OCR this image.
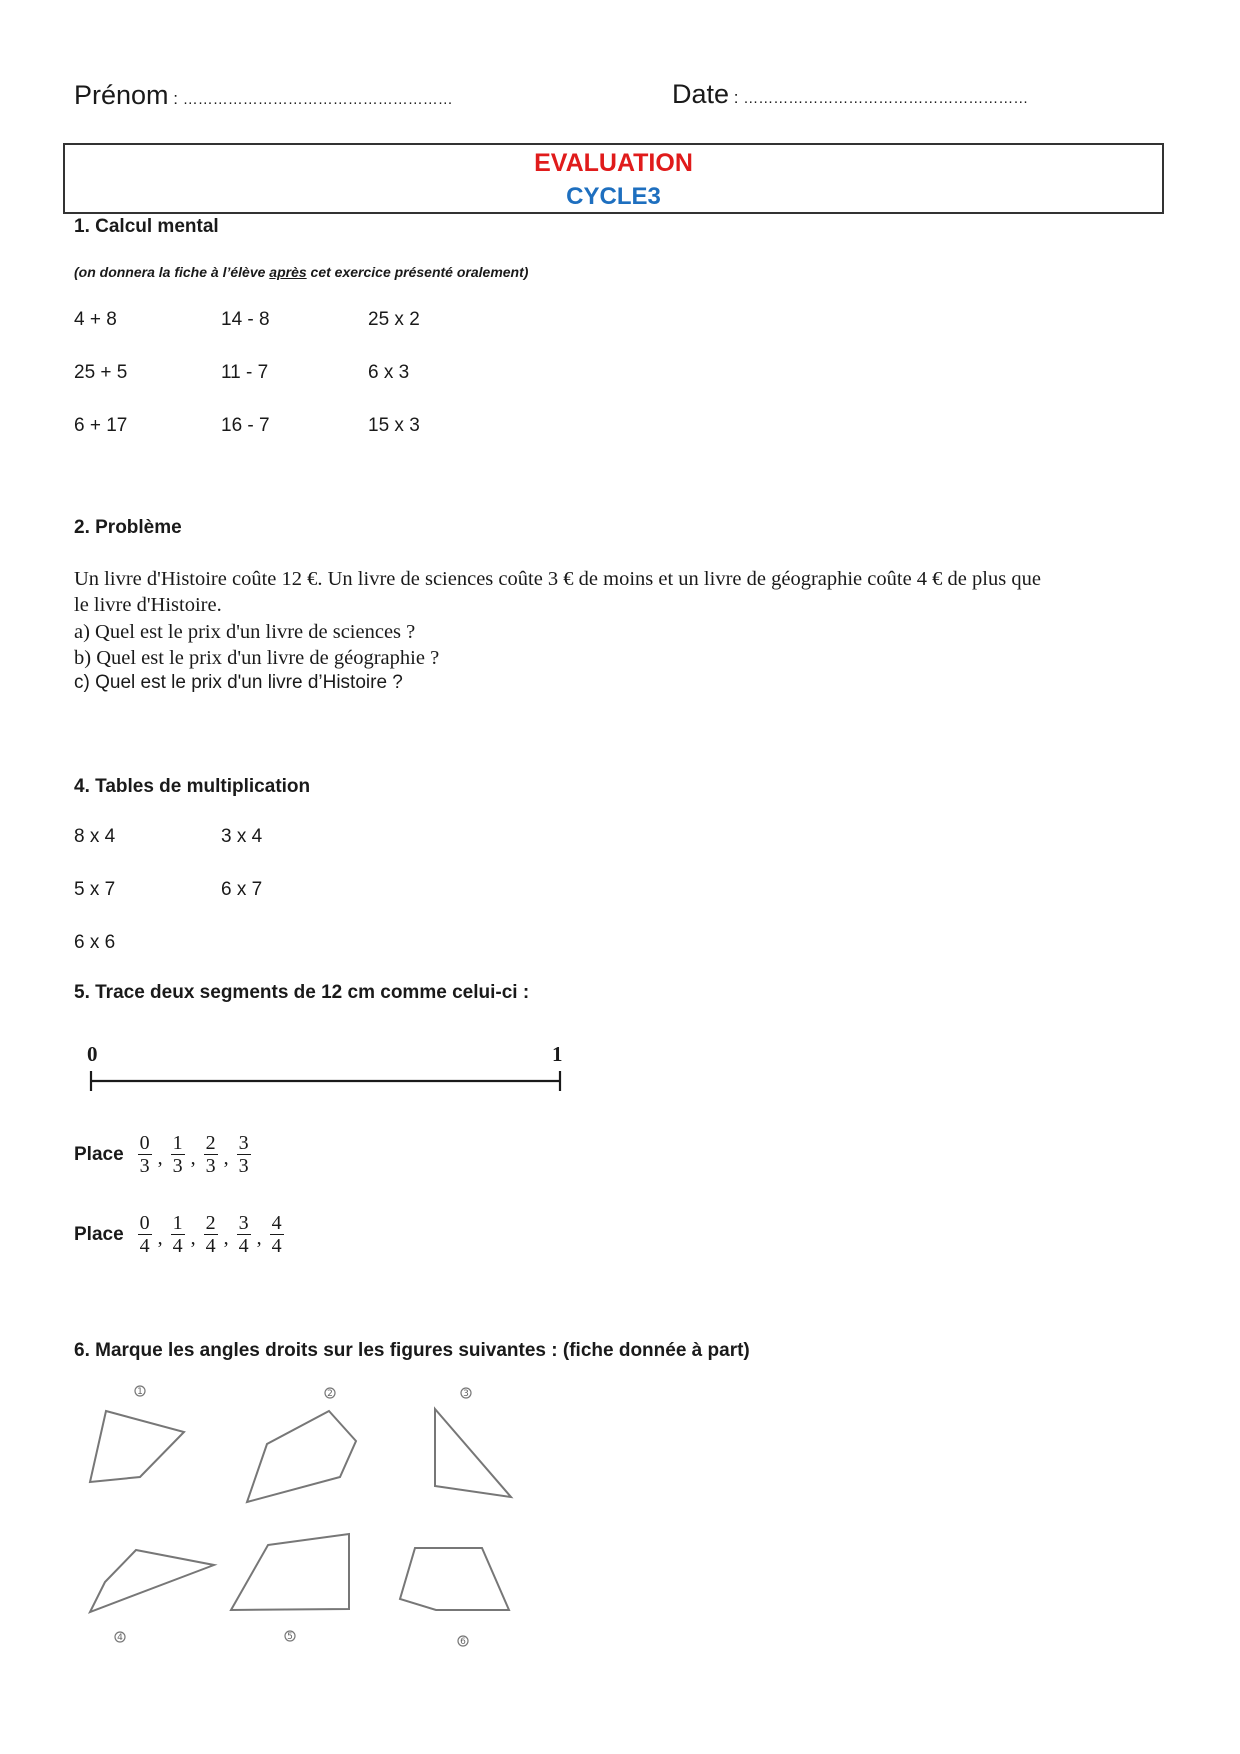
Prénom : ………………………………………………	Date : …………………………………………………
EVALUATION
CYCLE3
1. Calcul mental
(on donnera la fiche à l’élève après cet exercice présenté oralement)
4 + 8	14 - 8	25 x 2
25 + 5	11 - 7	6 x 3
6 + 17	16 - 7	15 x 3
2. Problème
Un livre d'Histoire coûte 12 €. Un livre de sciences coûte 3 € de moins et un livre de géographie coûte 4 € de plus que
le livre d'Histoire.
a) Quel est le prix d'un livre de sciences ?
b) Quel est le prix d'un livre de géographie ?
c) Quel est le prix d'un livre d’Histoire ?
4. Tables de multiplication
8 x 4	3 x 4
5 x 7	6 x 7
6 x 6
5. Trace deux segments de 12 cm comme celui-ci :
0	1
Place $\frac{0}{3}$ , $\frac{1}{3}$ , $\frac{2}{3}$ , $\frac{3}{3}$
Place $\frac{0}{4}$ , $\frac{1}{4}$ , $\frac{2}{4}$ , $\frac{3}{4}$ , $\frac{4}{4}$
6. Marque les angles droits sur les figures suivantes : (fiche donnée à part)
1	2	3
4	5	6
